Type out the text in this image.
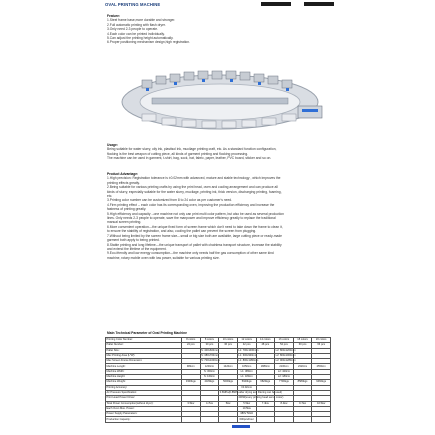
OVAL PRINTING MACHINE
Feature:
1.Steel frame base,more durable and stronger.
2.Full automatic printing with flash dryer.
3.Only need 2-3 people to operate.
4.Each color can be printed individually.
5.Can adjust the printing height automatically.
6.Proper positioning mechanism design,high registration.
Usage:
Being suitable for water slurry, oily ink, plastisol ink, mucilage printing craft, etc. As a standard function configuration,
flocking is the best weapon of cutting piece, all kinds of garment printing and flocking processing.
The machine can be used in garment, t-shirt, bag, sock, hat, fabric, paper, leather, PVC board, sticker and so on.
Product Advantage:
1.High precision: Registration tolerance is ±0.02mm with advanced, mature and stable technology , which improves the
printing effects greatly.
2.Being suitable for various printing crafts by using the print head, oven and cooling arrangement and can produce all
kinds of slurry, especially suitable for the water slurry, mucilage, printing ink, thick version, discharging printing, foaming,
etc.
3.Printing color number can be customized from 8 to 24 color as per customer's need.
4.Firm printing effect -- each color has its corresponding oven, improving the production efficiency and increase the
fastness of printing greatly.
5.High efficiency and capacity --one machine not only can print multi color pattern, but also be used as several production
lines. Only needs 2-3 people to operate, save the manpower and improve efficiency greatly to replace the traditional
manual screen printing.
6.More convenient operation---the unique fixed form of screen frame which don't need to take down the frame to clean it,
to ensure the stability of registration, and also, cooling the pallet can prevent the screen from plugging.
7.Without being limited by the screen frame size---small or big size both are available, large cutting piece or ready-made
garment both apply to being printed.
8.Stable printing and long lifetime---the unique transport of pallet with chainless transport structure, increase the stability
and extend the lifetime of the equipment.
9.Eco-friendly and low energy consumption---the machine only needs half the gas consumption of other same kind
machine, rotary mobile oven with low power, suitable for various printing size.
Main Technical Parameter of Oval Printing Machine
Printing Color Number:	8 colors	8 colors	10 colors	12 colors	14 colors	16 colors	18 colors	20 colors
Pallet Number:	24 pcs	30 pcs	36 pcs	42 pcs	48 pcs	54 pcs	60 pcs	66 pcs
Pallet Size:		S: 400x600mm		L1: 700x1000mm		L2: 800x1200mm		
Max Printing Area (L*W):		S: 380x700mm		L1: 600x900mm		L2: 800x1000mm		
Max Screen Frame Dimension:		S: 700x1000mm		L1: 800x1180mm		L2: 900x1280mm		
Machine Length:	982cm	1200cm	1420cm	1650cm	1880cm	2100cm	2320cm	2550cm
Machine Width:		S: 300cm		L1: 380cm		L2: 420cm		
Machine Height:		S: 160cm		L1: 180cm		L2: 180cm		
Machine Weight:	3300kgs	4180kgs	5000kgs	5940kgs	6820kgs	7700kgs	8580kgs	9460kgs
Printing Accuracy:				±0.02mm				
Air Pressure Specification:			0.6MPa(0.8MPa after drying and filtering can be used)					
Print Head Power Driver:				400W(every printing head servo motor)				
Total Power Consumption(without dryer):	3.5kw	4.7kw	5kw	5.5kw	7.4kw	8.4kw	9.7kw	10.5kw
Each Oven Max. Power:				10.5kw				
Power Supply Parameters:				380V 50Hz				
Production Capacity:				600pcs/hour				
